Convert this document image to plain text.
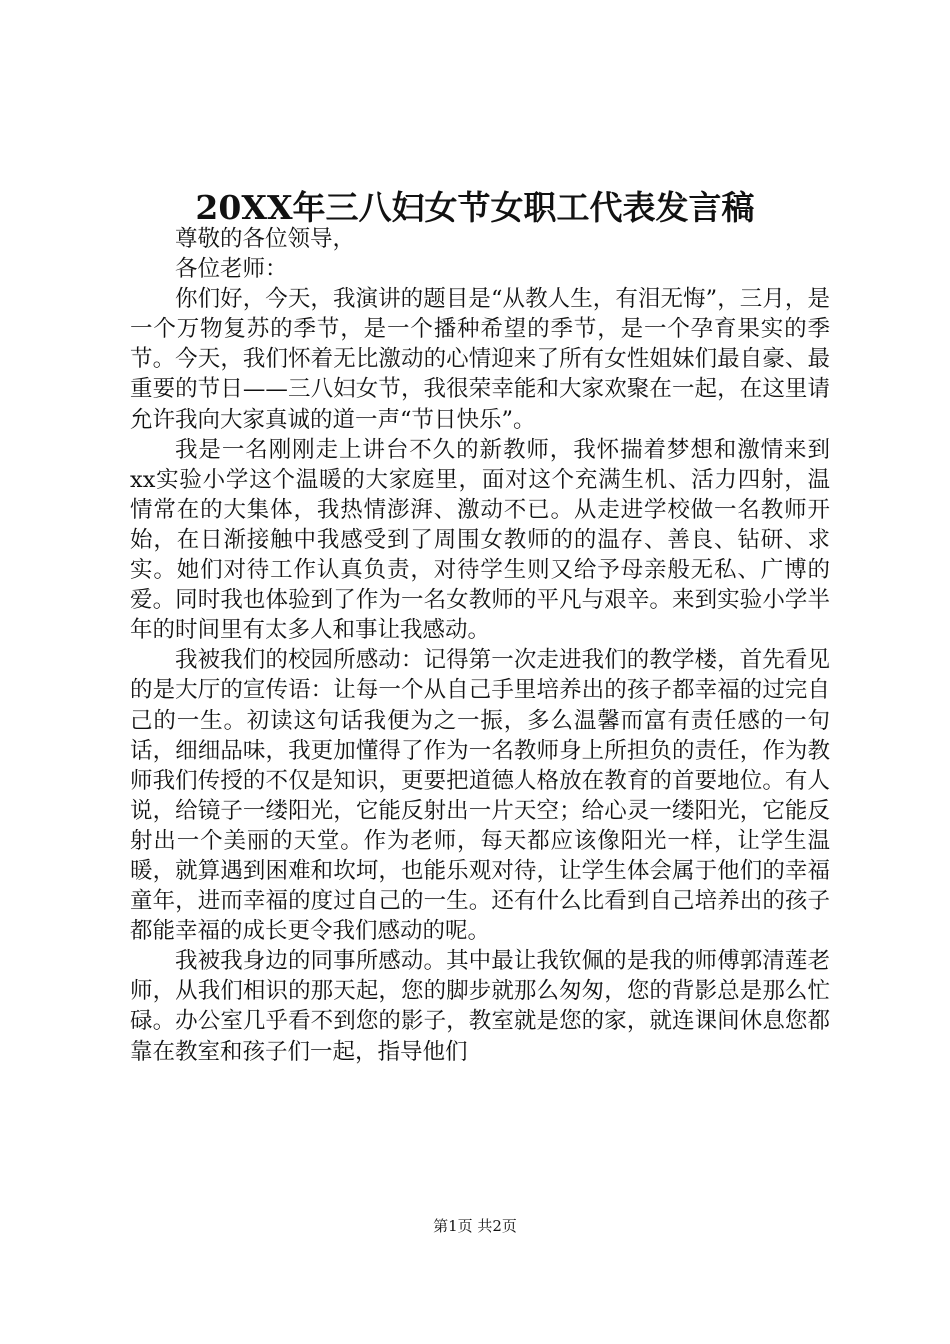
20XX年三八妇女节女职工代表发言稿

尊敬的各位领导，

各位老师：

你们好，今天，我演讲的题目是“从教人生，有泪无悔”，三月，是一个万物复苏的季节，是一个播种希望的季节，是一个孕育果实的季节。今天，我们怀着无比激动的心情迎来了所有女性姐妹们最自豪、最重要的节日——三八妇女节，我很荣幸能和大家欢聚在一起，在这里请允许我向大家真诚的道一声“节日快乐”。

我是一名刚刚走上讲台不久的新教师，我怀揣着梦想和激情来到xx实验小学这个温暖的大家庭里，面对这个充满生机、活力四射，温情常在的大集体，我热情澎湃、激动不已。从走进学校做一名教师开始，在日渐接触中我感受到了周围女教师的的温存、善良、钻研、求实。她们对待工作认真负责，对待学生则又给予母亲般无私、广博的爱。同时我也体验到了作为一名女教师的平凡与艰辛。来到实验小学半年的时间里有太多人和事让我感动。

我被我们的校园所感动：记得第一次走进我们的教学楼，首先看见的是大厅的宣传语：让每一个从自己手里培养出的孩子都幸福的过完自己的一生。初读这句话我便为之一振，多么温馨而富有责任感的一句话，细细品味，我更加懂得了作为一名教师身上所担负的责任，作为教师我们传授的不仅是知识，更要把道德人格放在教育的首要地位。有人说，给镜子一缕阳光，它能反射出一片天空；给心灵一缕阳光，它能反射出一个美丽的天堂。作为老师，每天都应该像阳光一样，让学生温暖，就算遇到困难和坎坷，也能乐观对待，让学生体会属于他们的幸福童年，进而幸福的度过自己的一生。还有什么比看到自己培养出的孩子都能幸福的成长更令我们感动的呢。

我被我身边的同事所感动。其中最让我钦佩的是我的师傅郭清莲老师，从我们相识的那天起，您的脚步就那么匆匆，您的背影总是那么忙碌。办公室几乎看不到您的影子，教室就是您的家，就连课间休息您都靠在教室和孩子们一起，指导他们

第1页 共2页
